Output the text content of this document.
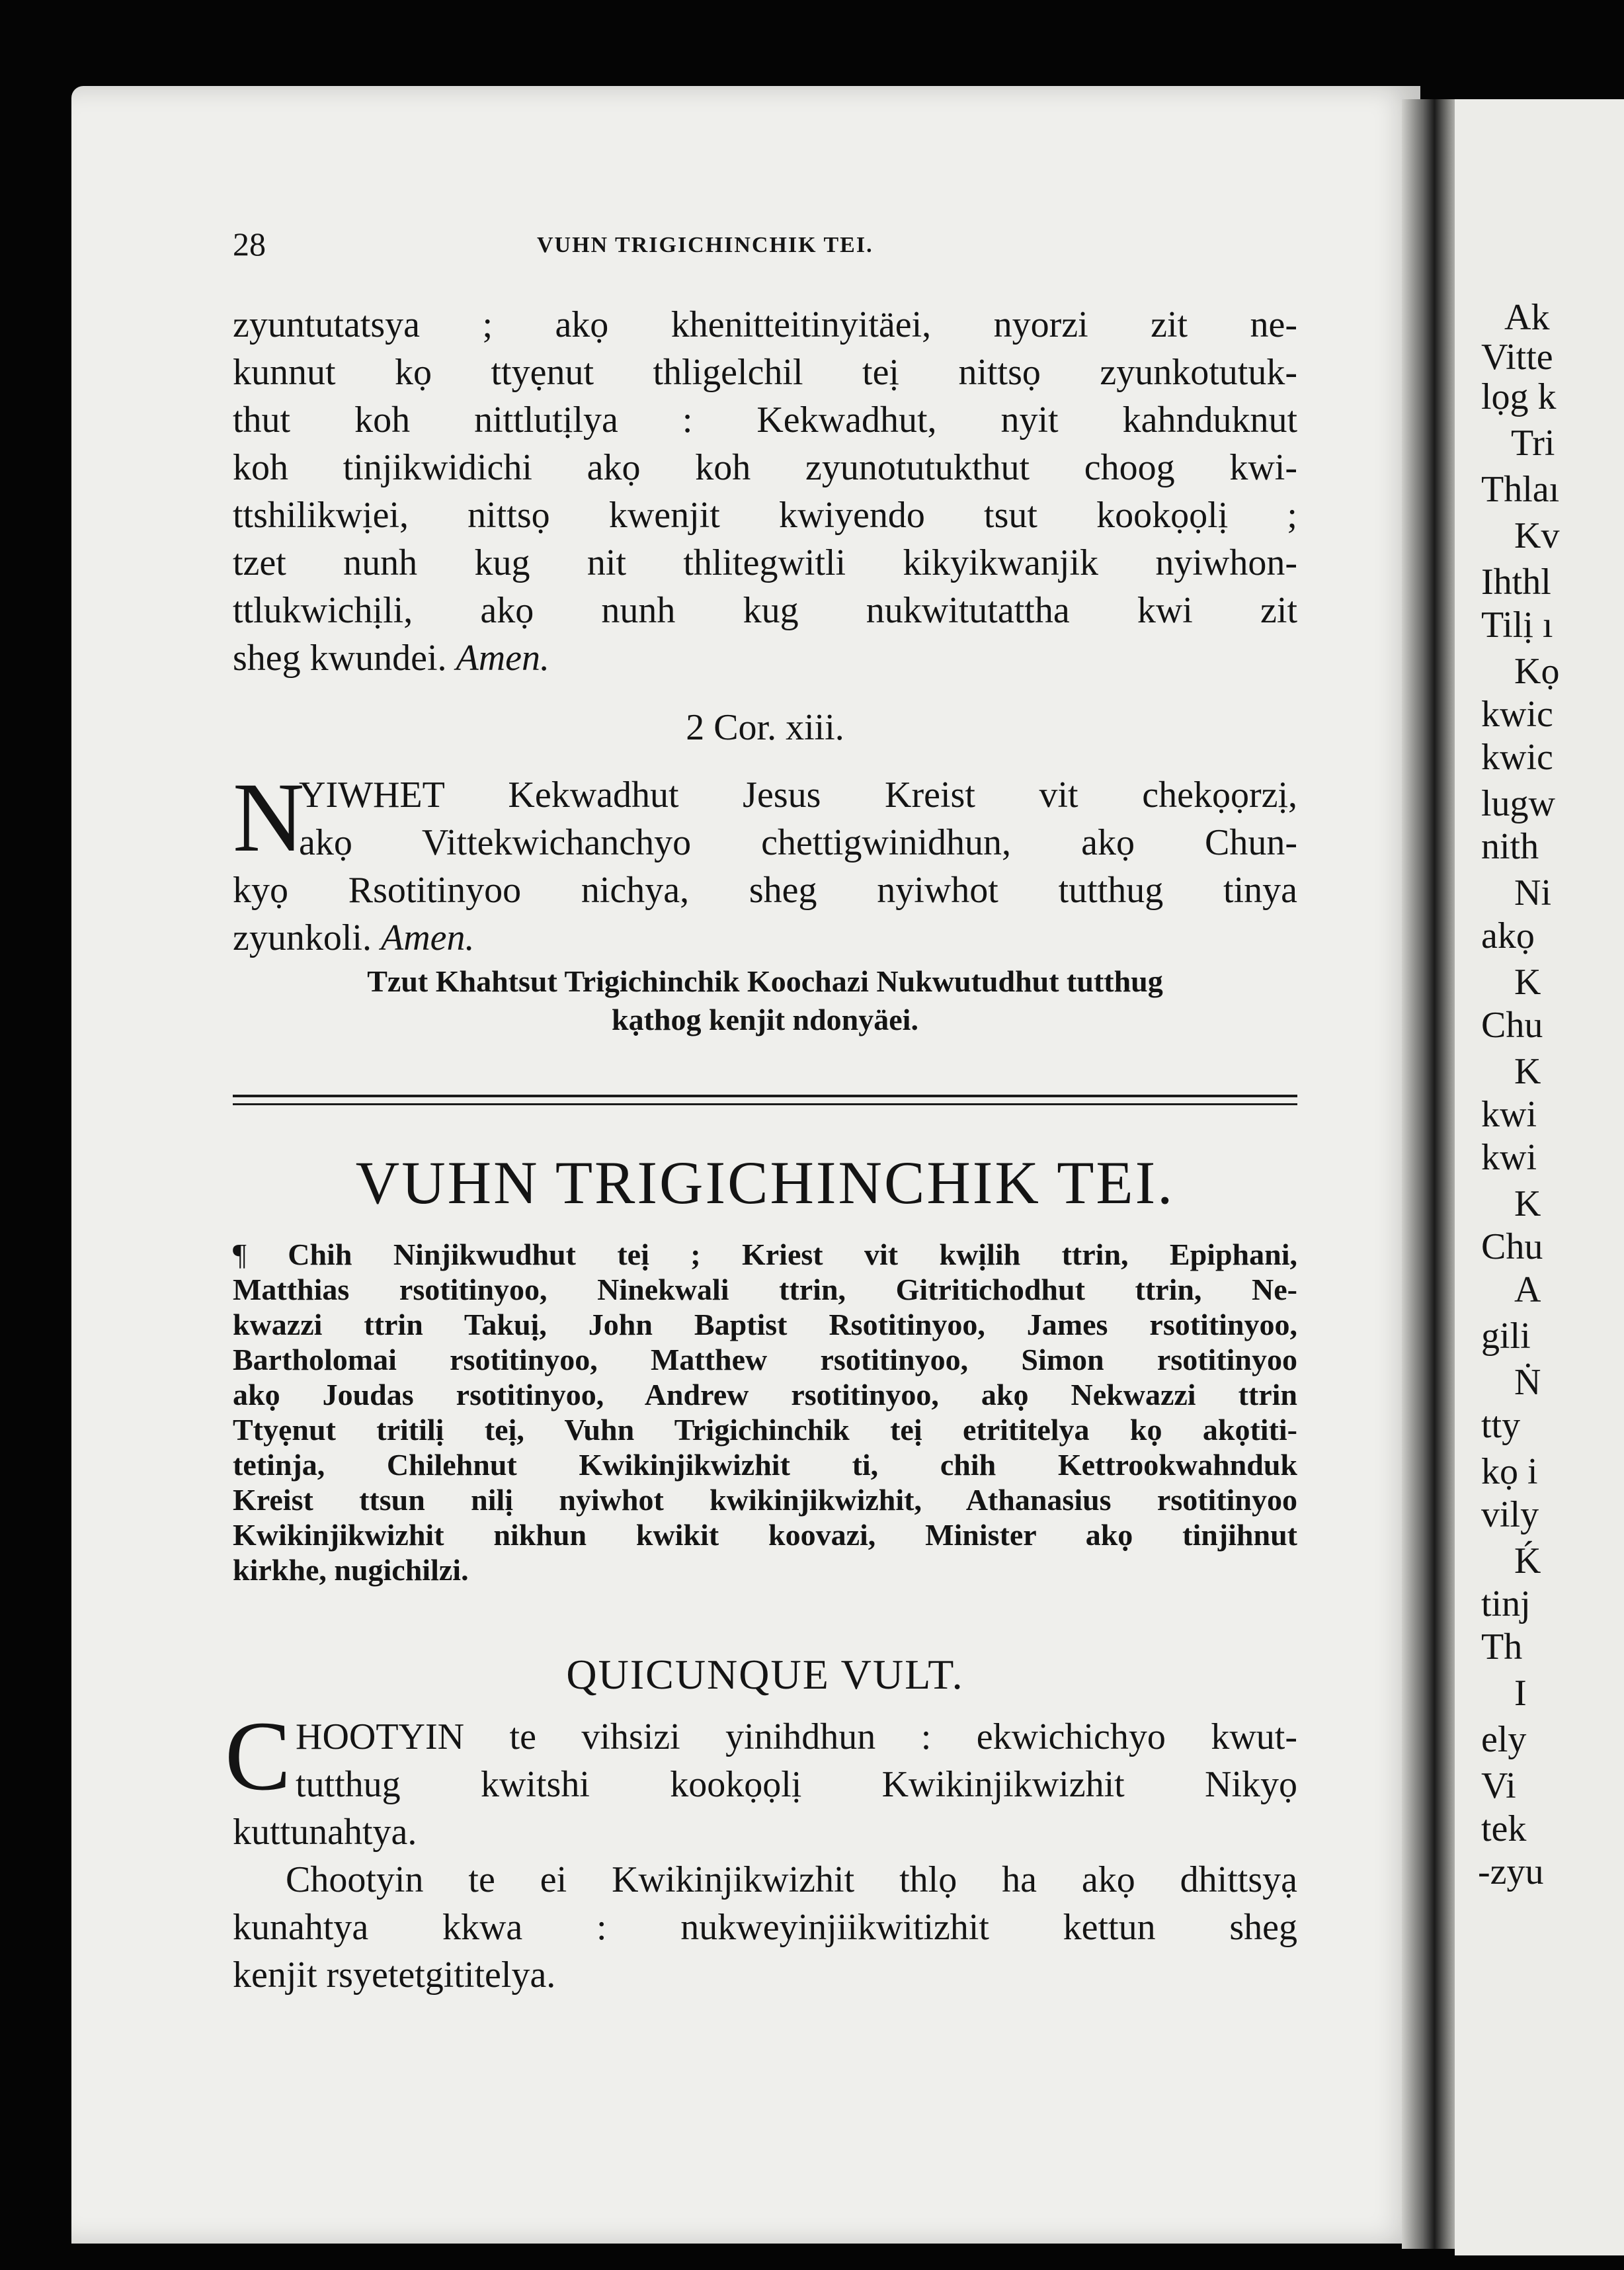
28	VUHN TRIGICHINCHIK TEI.
zyuntutatsya ; akọ khenitteitinyitäei, nyorzi zit ne-
kunnut kọ ttyẹnut thligelchil teị nittsọ zyunkotutuk-
thut koh nittlutịlya : Kekwadhut, nyit kahnduknut
koh tinjikwidichi akọ koh zyunotutukthut choog kwi-
ttshilikwịei, nittsọ kwenjit kwiyendo tsut kookọọlị ;
tzet nunh kug nit thlitegwitli kikyikwanjik nyiwhon-
ttlukwichịli, akọ nunh kug nukwitutattha kwi zit
sheg kwundei. Amen.
2 Cor. xiii.
N
YIWHET Kekwadhut Jesus Kreist vit chekọọrzị,
akọ Vittekwichanchyo chettigwinidhun, akọ Chun-
kyọ Rsotitinyoo nichya, sheg nyiwhot tutthug tinya
zyunkoli. Amen.
Tzut Khahtsut Trigichinchik Koochazi Nukwutudhut tutthug
kạthog kenjit ndonyäei.
VUHN TRIGICHINCHIK TEI.
¶ Chih Ninjikwudhut teị ; Kriest vit kwịlih ttrin, Epiphani,
Matthias rsotitinyoo, Ninekwali ttrin, Gitritichodhut ttrin, Ne-
kwazzi ttrin Takuị, John Baptist Rsotitinyoo, James rsotitinyoo,
Bartholomai rsotitinyoo, Matthew rsotitinyoo, Simon rsotitinyoo
akọ Joudas rsotitinyoo, Andrew rsotitinyoo, akọ Nekwazzi ttrin
Ttyẹnut tritilị teị, Vuhn Trigichinchik teị etrititelya kọ akọtiti-
tetinja, Chilehnut Kwikinjikwizhit ti, chih Kettrookwahnduk
Kreist ttsun nilị nyiwhot kwikinjikwizhit, Athanasius rsotitinyoo
Kwikinjikwizhit nikhun kwikit koovazi, Minister akọ tinjihnut
kirkhe, nugichilzi.
QUICUNQUE VULT.
C HOOTYIN te vihsizi yinihdhun : ekwichichyo kwut-
tutthug kwitshi kookọọlị Kwikinjikwizhit Nikyọ
kuttunahtya.
Chootyin te ei Kwikinjikwizhit thlọ ha akọ dhittsyạ
kunahtya kkwa : nukweyinjiikwitizhit kettun sheg
kenjit rsyetetgititelya.
Ak
Vitte
lọg k
Tri
Thlaı
Kv
Ihthl
Tilị ı
Kọ
kwic
kwic
lugw
nith
Ni
akọ
K
Chu
K
kwi
kwi
K
Chu
A
gili
Ṅ
tty
kọ i
vily
Ḱ
tinj
Th
I
ely
Vi
tek
-zyu
